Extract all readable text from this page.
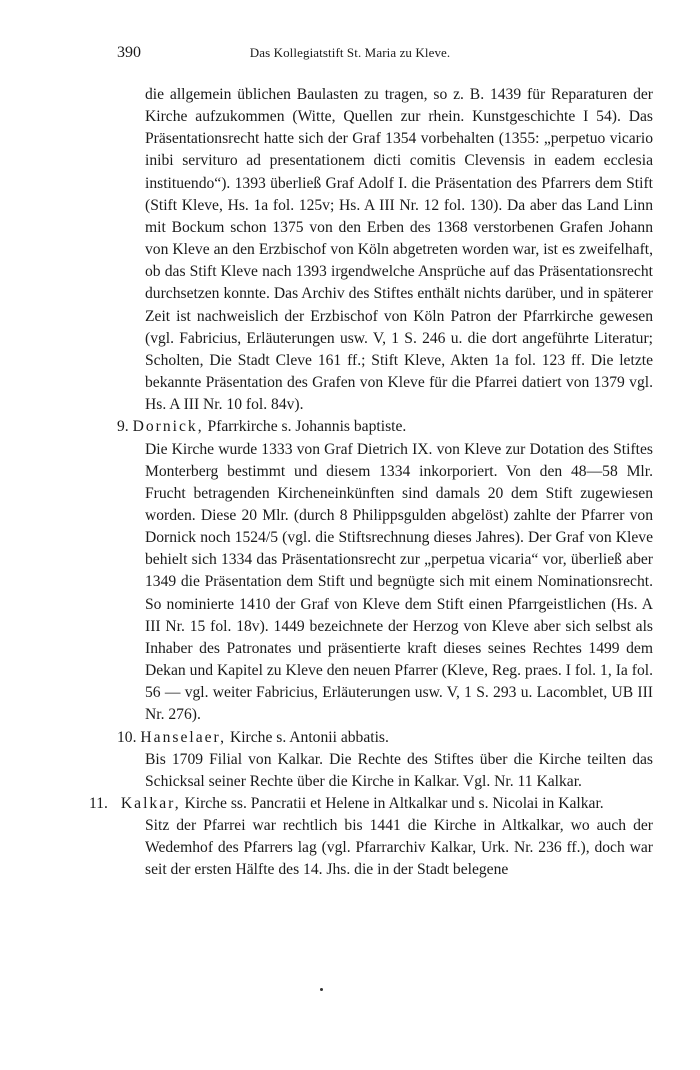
390	Das Kollegiatstift St. Maria zu Kleve.

die allgemein üblichen Baulasten zu tragen, so z. B. 1439 für Reparaturen der Kirche aufzukommen (Witte, Quellen zur rhein. Kunstgeschichte I 54). Das Präsentationsrecht hatte sich der Graf 1354 vorbehalten (1355: „perpetuo vicario inibi servituro ad presentationem dicti comitis Clevensis in eadem ecclesia instituendo“). 1393 überließ Graf Adolf I. die Präsentation des Pfarrers dem Stift (Stift Kleve, Hs. 1a fol. 125v; Hs. A III Nr. 12 fol. 130). Da aber das Land Linn mit Bockum schon 1375 von den Erben des 1368 verstorbenen Grafen Johann von Kleve an den Erzbischof von Köln abgetreten worden war, ist es zweifelhaft, ob das Stift Kleve nach 1393 irgendwelche Ansprüche auf das Präsentationsrecht durchsetzen konnte. Das Archiv des Stiftes enthält nichts darüber, und in späterer Zeit ist nachweislich der Erzbischof von Köln Patron der Pfarrkirche gewesen (vgl. Fabricius, Erläuterungen usw. V, 1 S. 246 u. die dort angeführte Literatur; Scholten, Die Stadt Cleve 161 ff.; Stift Kleve, Akten 1a fol. 123 ff. Die letzte bekannte Präsentation des Grafen von Kleve für die Pfarrei datiert von 1379 vgl. Hs. A III Nr. 10 fol. 84v).

9. Dornick, Pfarrkirche s. Johannis baptiste.

Die Kirche wurde 1333 von Graf Dietrich IX. von Kleve zur Dotation des Stiftes Monterberg bestimmt und diesem 1334 inkorporiert. Von den 48—58 Mlr. Frucht betragenden Kircheneinkünften sind damals 20 dem Stift zugewiesen worden. Diese 20 Mlr. (durch 8 Philippsgulden abgelöst) zahlte der Pfarrer von Dornick noch 1524/5 (vgl. die Stiftsrechnung dieses Jahres). Der Graf von Kleve behielt sich 1334 das Präsentationsrecht zur „perpetua vicaria“ vor, überließ aber 1349 die Präsentation dem Stift und begnügte sich mit einem Nominationsrecht. So nominierte 1410 der Graf von Kleve dem Stift einen Pfarrgeistlichen (Hs. A III Nr. 15 fol. 18v). 1449 bezeichnete der Herzog von Kleve aber sich selbst als Inhaber des Patronates und präsentierte kraft dieses seines Rechtes 1499 dem Dekan und Kapitel zu Kleve den neuen Pfarrer (Kleve, Reg. praes. I fol. 1, Ia fol. 56 — vgl. weiter Fabricius, Erläuterungen usw. V, 1 S. 293 u. Lacomblet, UB III Nr. 276).

10. Hanselaer, Kirche s. Antonii abbatis.

Bis 1709 Filial von Kalkar. Die Rechte des Stiftes über die Kirche teilten das Schicksal seiner Rechte über die Kirche in Kalkar. Vgl. Nr. 11 Kalkar.

11. Kalkar, Kirche ss. Pancratii et Helene in Altkalkar und s. Nicolai in Kalkar.

Sitz der Pfarrei war rechtlich bis 1441 die Kirche in Altkalkar, wo auch der Wedemhof des Pfarrers lag (vgl. Pfarrarchiv Kalkar, Urk. Nr. 236 ff.), doch war seit der ersten Hälfte des 14. Jhs. die in der Stadt belegene
